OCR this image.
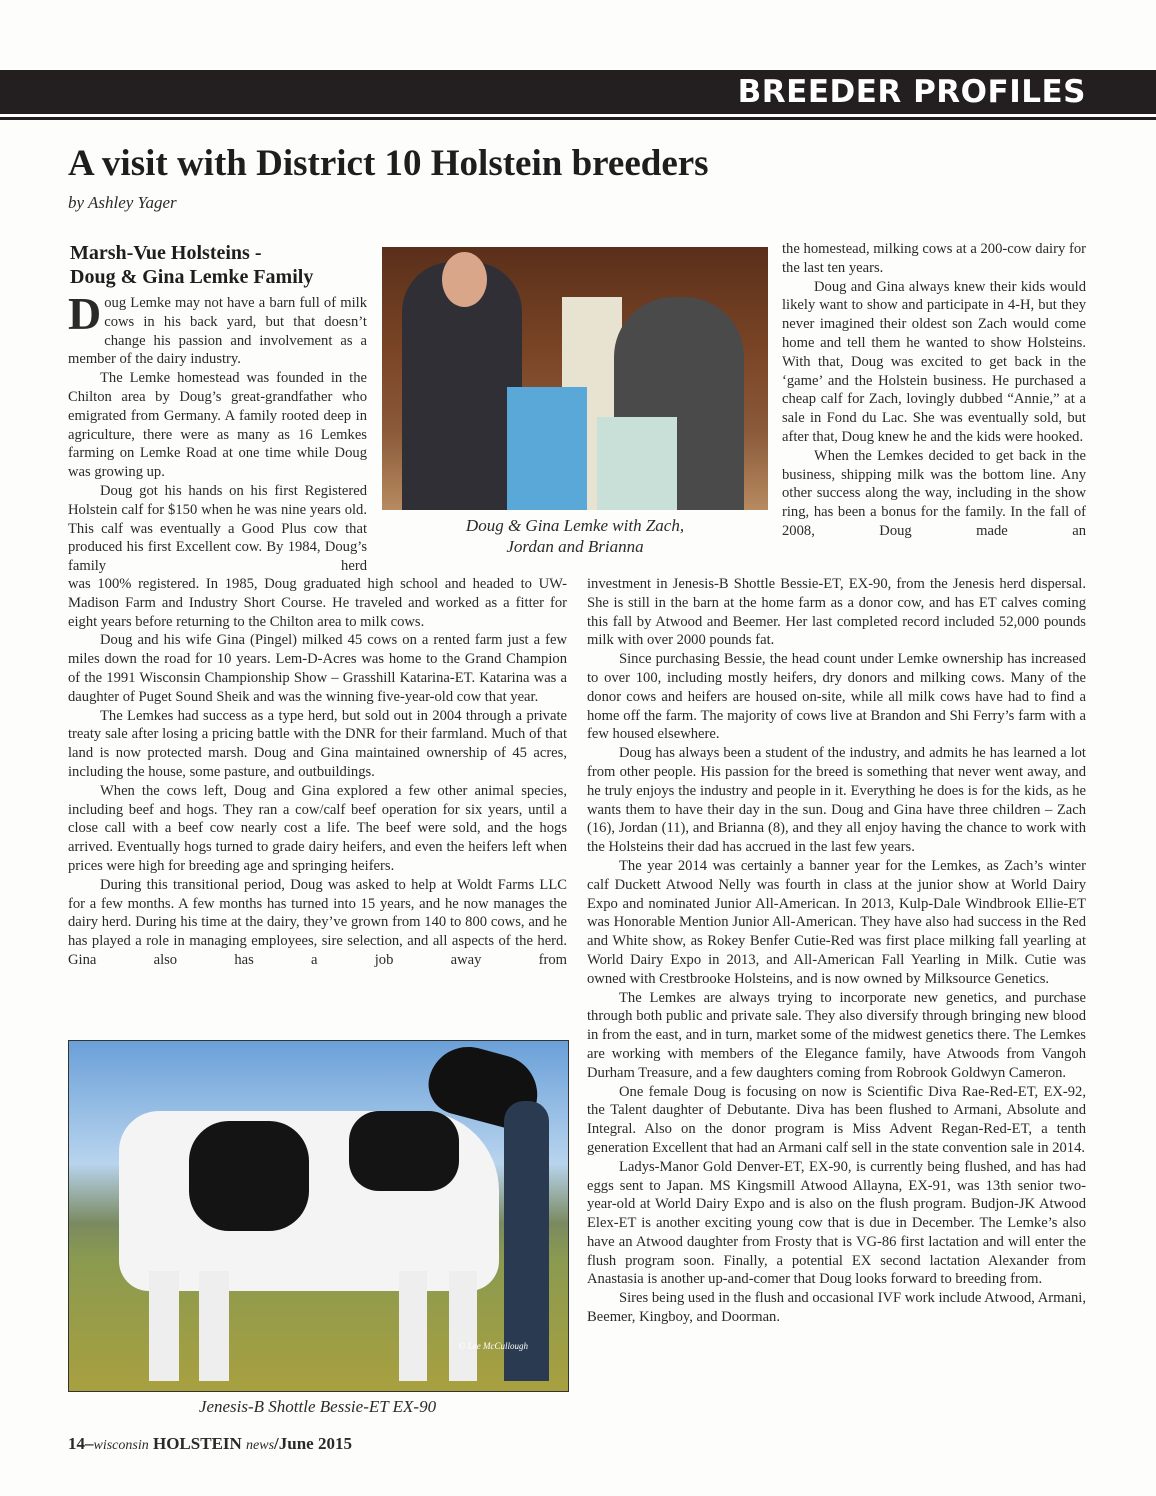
BREEDER PROFILES
A visit with District 10 Holstein breeders
by Ashley Yager
Marsh-Vue Holsteins -
Doug & Gina Lemke Family

Doug Lemke may not have a barn full of milk cows in his back yard, but that doesn’t change his passion and involvement as a member of the dairy industry.

The Lemke homestead was founded in the Chilton area by Doug’s great-grandfather who emigrated from Germany. A family rooted deep in agriculture, there were as many as 16 Lemkes farming on Lemke Road at one time while Doug was growing up.

Doug got his hands on his first Registered Holstein calf for $150 when he was nine years old. This calf was eventually a Good Plus cow that produced his first Excellent cow. By 1984, Doug’s family herd

Doug & Gina Lemke with Zach,
Jordan and Brianna

the homestead, milking cows at a 200-cow dairy for the last ten years.

Doug and Gina always knew their kids would likely want to show and participate in 4-H, but they never imagined their oldest son Zach would come home and tell them he wanted to show Holsteins. With that, Doug was excited to get back in the ‘game’ and the Holstein business. He purchased a cheap calf for Zach, lovingly dubbed “Annie,” at a sale in Fond du Lac. She was eventually sold, but after that, Doug knew he and the kids were hooked.

When the Lemkes decided to get back in the business, shipping milk was the bottom line. Any other success along the way, including in the show ring, has been a bonus for the family. In the fall of 2008, Doug made an

was 100% registered. In 1985, Doug graduated high school and headed to UW-Madison Farm and Industry Short Course. He traveled and worked as a fitter for eight years before returning to the Chilton area to milk cows.

Doug and his wife Gina (Pingel) milked 45 cows on a rented farm just a few miles down the road for 10 years. Lem-D-Acres was home to the Grand Champion of the 1991 Wisconsin Championship Show – Grasshill Katarina-ET. Katarina was a daughter of Puget Sound Sheik and was the winning five-year-old cow that year.

The Lemkes had success as a type herd, but sold out in 2004 through a private treaty sale after losing a pricing battle with the DNR for their farmland. Much of that land is now protected marsh. Doug and Gina maintained ownership of 45 acres, including the house, some pasture, and outbuildings.

When the cows left, Doug and Gina explored a few other animal species, including beef and hogs. They ran a cow/calf beef operation for six years, until a close call with a beef cow nearly cost a life. The beef were sold, and the hogs arrived. Eventually hogs turned to grade dairy heifers, and even the heifers left when prices were high for breeding age and springing heifers.

During this transitional period, Doug was asked to help at Woldt Farms LLC for a few months. A few months has turned into 15 years, and he now manages the dairy herd. During his time at the dairy, they’ve grown from 140 to 800 cows, and he has played a role in managing employees, sire selection, and all aspects of the herd. Gina also has a job away from

investment in Jenesis-B Shottle Bessie-ET, EX-90, from the Jenesis herd dispersal. She is still in the barn at the home farm as a donor cow, and has ET calves coming this fall by Atwood and Beemer. Her last completed record included 52,000 pounds milk with over 2000 pounds fat.

Since purchasing Bessie, the head count under Lemke ownership has increased to over 100, including mostly heifers, dry donors and milking cows. Many of the donor cows and heifers are housed on-site, while all milk cows have had to find a home off the farm. The majority of cows live at Brandon and Shi Ferry’s farm with a few housed elsewhere.

Doug has always been a student of the industry, and admits he has learned a lot from other people. His passion for the breed is something that never went away, and he truly enjoys the industry and people in it. Everything he does is for the kids, as he wants them to have their day in the sun. Doug and Gina have three children – Zach (16), Jordan (11), and Brianna (8), and they all enjoy having the chance to work with the Holsteins their dad has accrued in the last few years.

The year 2014 was certainly a banner year for the Lemkes, as Zach’s winter calf Duckett Atwood Nelly was fourth in class at the junior show at World Dairy Expo and nominated Junior All-American. In 2013, Kulp-Dale Windbrook Ellie-ET was Honorable Mention Junior All-American. They have also had success in the Red and White show, as Rokey Benfer Cutie-Red was first place milking fall yearling at World Dairy Expo in 2013, and All-American Fall Yearling in Milk. Cutie was owned with Crestbrooke Holsteins, and is now owned by Milksource Genetics.

The Lemkes are always trying to incorporate new genetics, and purchase through both public and private sale. They also diversify through bringing new blood in from the east, and in turn, market some of the midwest genetics there. The Lemkes are working with members of the Elegance family, have Atwoods from Vangoh Durham Treasure, and a few daughters coming from Robrook Goldwyn Cameron.

One female Doug is focusing on now is Scientific Diva Rae-Red-ET, EX-92, the Talent daughter of Debutante. Diva has been flushed to Armani, Absolute and Integral. Also on the donor program is Miss Advent Regan-Red-ET, a tenth generation Excellent that had an Armani calf sell in the state convention sale in 2014.

Ladys-Manor Gold Denver-ET, EX-90, is currently being flushed, and has had eggs sent to Japan. MS Kingsmill Atwood Allayna, EX-91, was 13th senior two-year-old at World Dairy Expo and is also on the flush program. Budjon-JK Atwood Elex-ET is another exciting young cow that is due in December. The Lemke’s also have an Atwood daughter from Frosty that is VG-86 first lactation and will enter the flush program soon. Finally, a potential EX second lactation Alexander from Anastasia is another up-and-comer that Doug looks forward to breeding from.

Sires being used in the flush and occasional IVF work include Atwood, Armani, Beemer, Kingboy, and Doorman.

© Lee McCullough
Jenesis-B Shottle Bessie-ET EX-90
14–wisconsin HOLSTEIN news/June 2015
